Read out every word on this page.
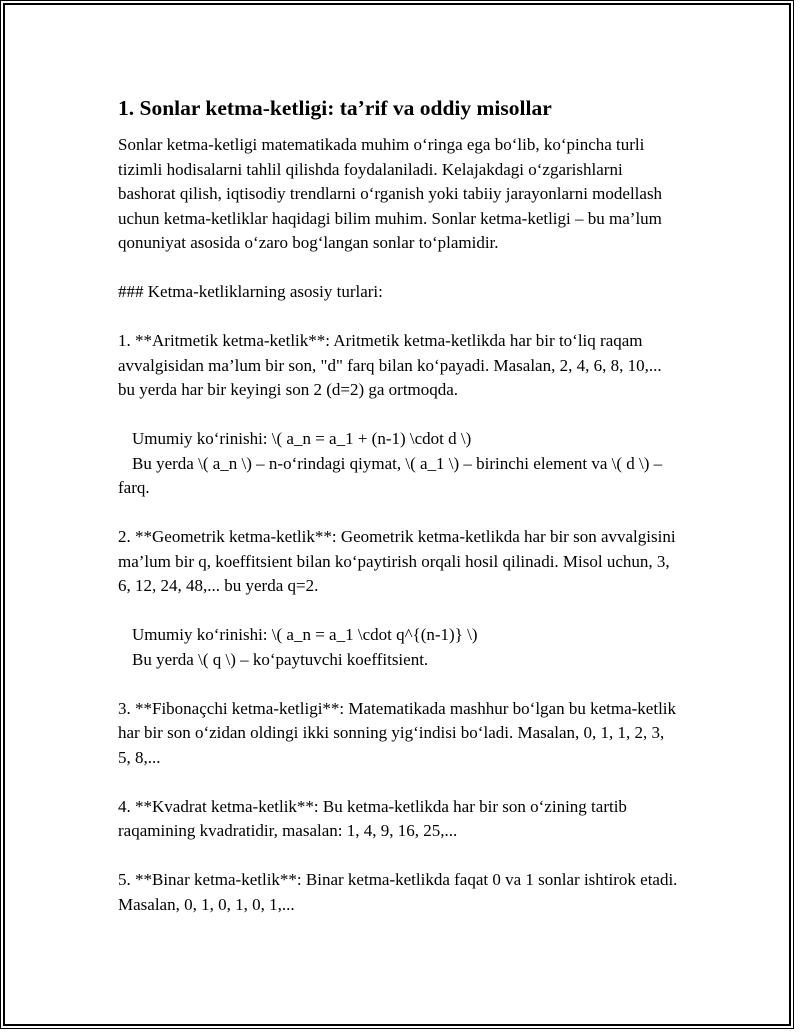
1. Sonlar ketma-ketligi: ta’rif va oddiy misollar

Sonlar ketma-ketligi matematikada muhim o‘ringa ega bo‘lib, ko‘pincha turli tizimli hodisalarni tahlil qilishda foydalaniladi. Kelajakdagi o‘zgarishlarni bashorat qilish, iqtisodiy trendlarni o‘rganish yoki tabiiy jarayonlarni modellash uchun ketma-ketliklar haqidagi bilim muhim. Sonlar ketma-ketligi – bu ma’lum qonuniyat asosida o‘zaro bog‘langan sonlar to‘plamidir.

### Ketma-ketliklarning asosiy turlari:

1. **Aritmetik ketma-ketlik**: Aritmetik ketma-ketlikda har bir to‘liq raqam avvalgisidan ma’lum bir son, "d" farq bilan ko‘payadi. Masalan, 2, 4, 6, 8, 10,... bu yerda har bir keyingi son 2 (d=2) ga ortmoqda.

Umumiy ko‘rinishi: \( a_n = a_1 + (n-1) \cdot d \)

Bu yerda \( a_n \) – n-o‘rindagi qiymat, \( a_1 \) – birinchi element va \( d \) – farq.

2. **Geometrik ketma-ketlik**: Geometrik ketma-ketlikda har bir son avvalgisini ma’lum bir q, koeffitsient bilan ko‘paytirish orqali hosil qilinadi. Misol uchun, 3, 6, 12, 24, 48,... bu yerda q=2.

Umumiy ko‘rinishi: \( a_n = a_1 \cdot q^{(n-1)} \)

Bu yerda \( q \) – ko‘paytuvchi koeffitsient.

3. **Fibonaçchi ketma-ketligi**: Matematikada mashhur bo‘lgan bu ketma-ketlik har bir son o‘zidan oldingi ikki sonning yig‘indisi bo‘ladi. Masalan, 0, 1, 1, 2, 3, 5, 8,...

4. **Kvadrat ketma-ketlik**: Bu ketma-ketlikda har bir son o‘zining tartib raqamining kvadratidir, masalan: 1, 4, 9, 16, 25,...

5. **Binar ketma-ketlik**: Binar ketma-ketlikda faqat 0 va 1 sonlar ishtirok etadi. Masalan, 0, 1, 0, 1, 0, 1,...
